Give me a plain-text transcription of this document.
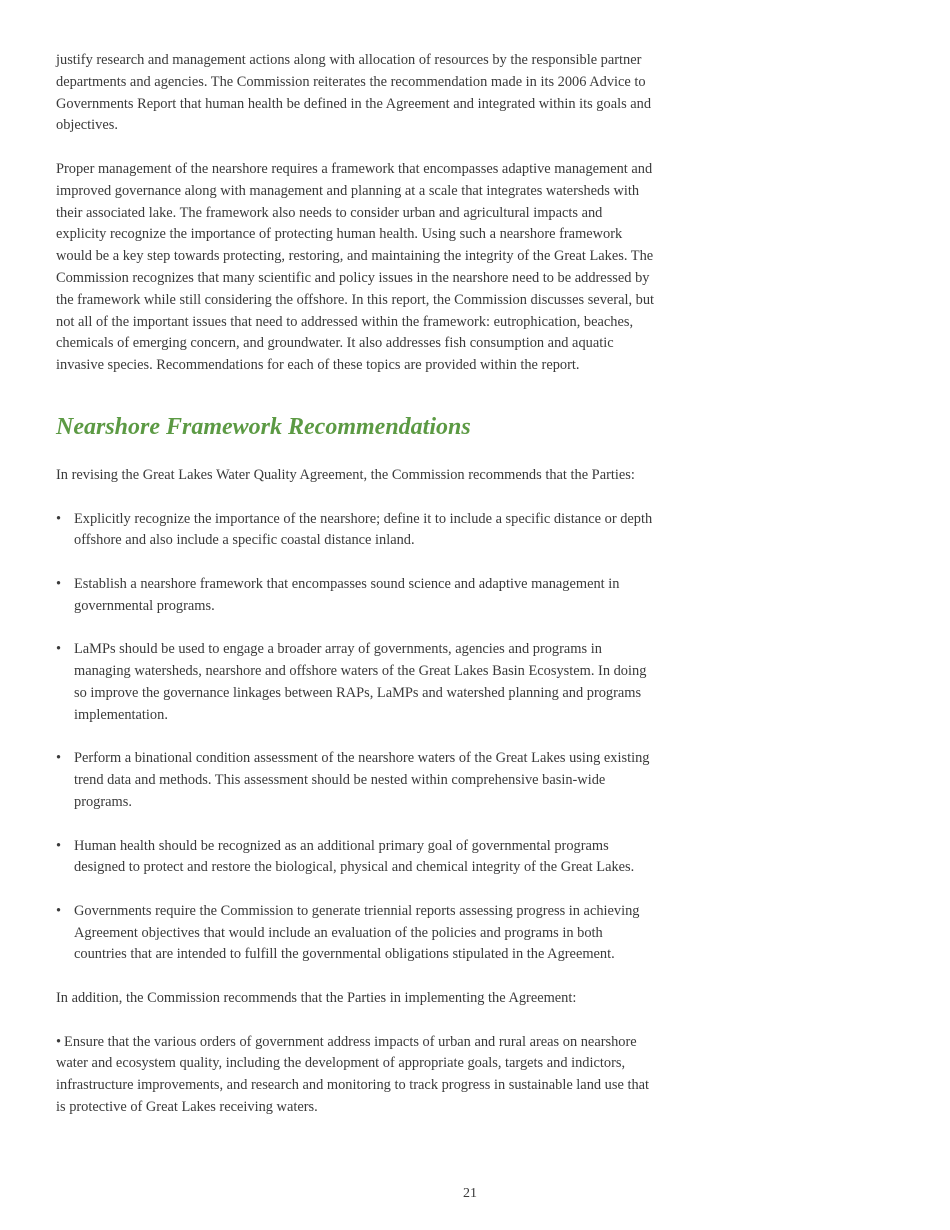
justify research and management actions along with allocation of resources by the responsible partner departments and agencies. The Commission reiterates the recommendation made in its 2006 Advice to Governments Report that human health be defined in the Agreement and integrated within its goals and objectives.

Proper management of the nearshore requires a framework that encompasses adaptive management and improved governance along with management and planning at a scale that integrates watersheds with their associated lake. The framework also needs to consider urban and agricultural impacts and explicity recognize the importance of protecting human health. Using such a nearshore framework would be a key step towards protecting, restoring, and maintaining the integrity of the Great Lakes. The Commission recognizes that many scientific and policy issues in the nearshore need to be addressed by the framework while still considering the offshore. In this report, the Commission discusses several, but not all of the important issues that need to addressed within the framework: eutrophication, beaches, chemicals of emerging concern, and groundwater. It also addresses fish consumption and aquatic invasive species. Recommendations for each of these topics are provided within the report.

Nearshore Framework Recommendations

In revising the Great Lakes Water Quality Agreement, the Commission recommends that the Parties:

• Explicitly recognize the importance of the nearshore; define it to include a specific distance or depth offshore and also include a specific coastal distance inland.
• Establish a nearshore framework that encompasses sound science and adaptive management in governmental programs.
• LaMPs should be used to engage a broader array of governments, agencies and programs in managing watersheds, nearshore and offshore waters of the Great Lakes Basin Ecosystem. In doing so improve the governance linkages between RAPs, LaMPs and watershed planning and programs implementation.
• Perform a binational condition assessment of the nearshore waters of the Great Lakes using existing trend data and methods. This assessment should be nested within comprehensive basin-wide programs.
• Human health should be recognized as an additional primary goal of governmental programs designed to protect and restore the biological, physical and chemical integrity of the Great Lakes.
• Governments require the Commission to generate triennial reports assessing progress in achieving Agreement objectives that would include an evaluation of the policies and programs in both countries that are intended to fulfill the governmental obligations stipulated in the Agreement.

In addition, the Commission recommends that the Parties in implementing the Agreement:

• Ensure that the various orders of government address impacts of urban and rural areas on nearshore water and ecosystem quality, including the development of appropriate goals, targets and indictors, infrastructure improvements, and research and monitoring to track progress in sustainable land use that is protective of Great Lakes receiving waters.

21
